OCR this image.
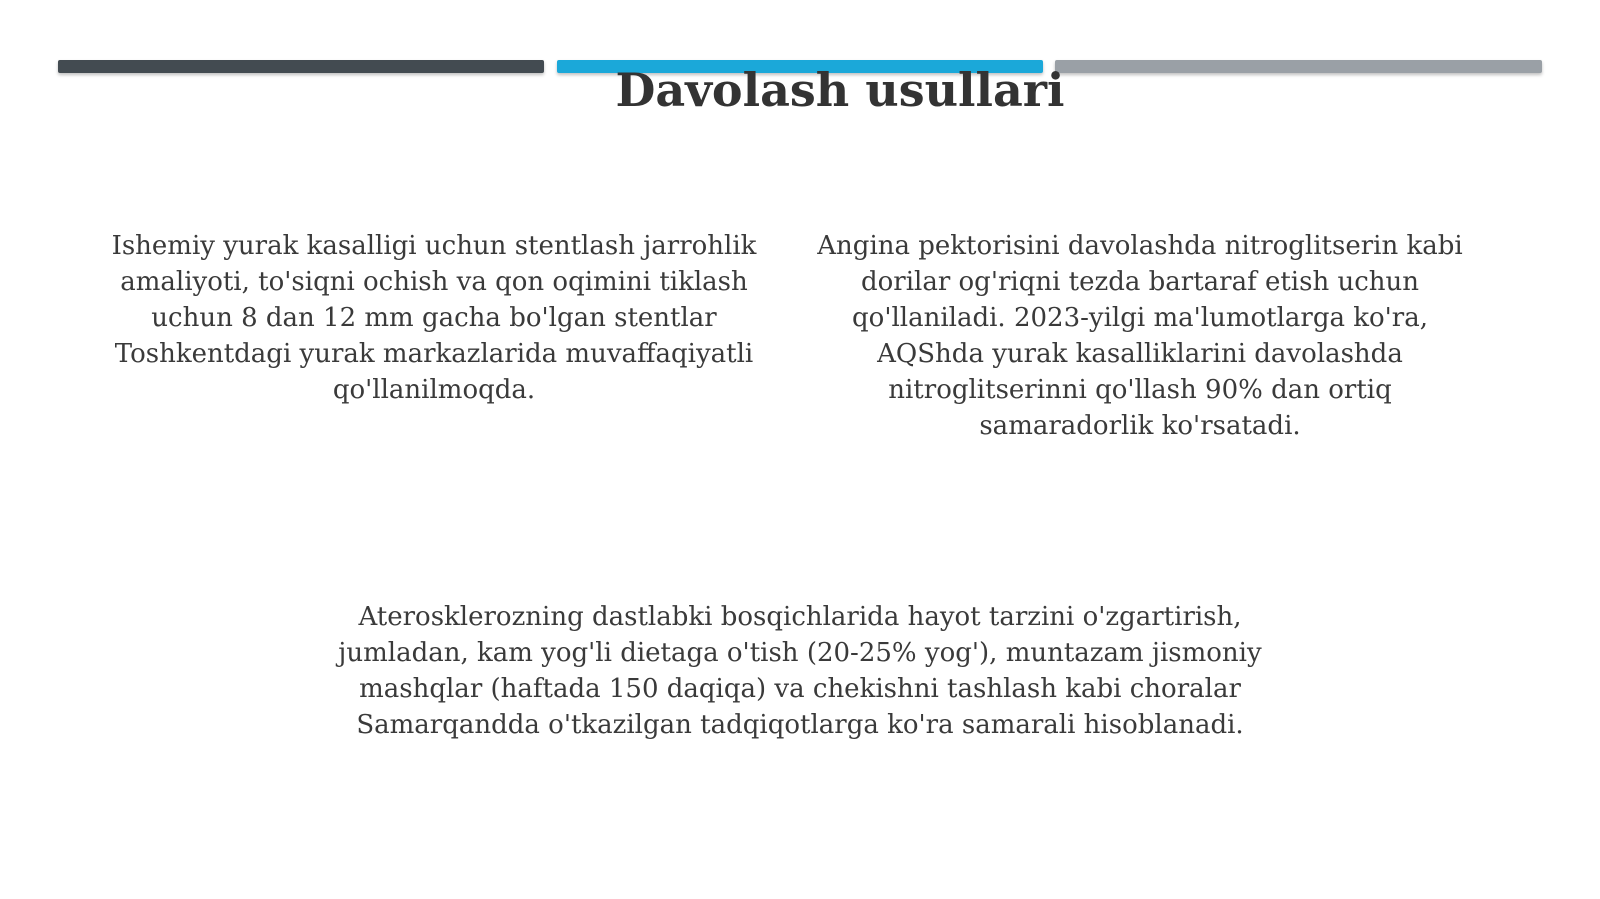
Davolash usullari

Ishemiy yurak kasalligi uchun stentlash jarrohlik amaliyoti, to'siqni ochish va qon oqimini tiklash uchun 8 dan 12 mm gacha bo'lgan stentlar Toshkentdagi yurak markazlarida muvaffaqiyatli qo'llanilmoqda.

Angina pektorisini davolashda nitroglitserin kabi dorilar og'riqni tezda bartaraf etish uchun qo'llaniladi. 2023-yilgi ma'lumotlarga ko'ra, AQShda yurak kasalliklarini davolashda nitroglitserinni qo'llash 90% dan ortiq samaradorlik ko'rsatadi.

Aterosklerozning dastlabki bosqichlarida hayot tarzini o'zgartirish, jumladan, kam yog'li dietaga o'tish (20-25% yog'), muntazam jismoniy mashqlar (haftada 150 daqiqa) va chekishni tashlash kabi choralar Samarqandda o'tkazilgan tadqiqotlarga ko'ra samarali hisoblanadi.
